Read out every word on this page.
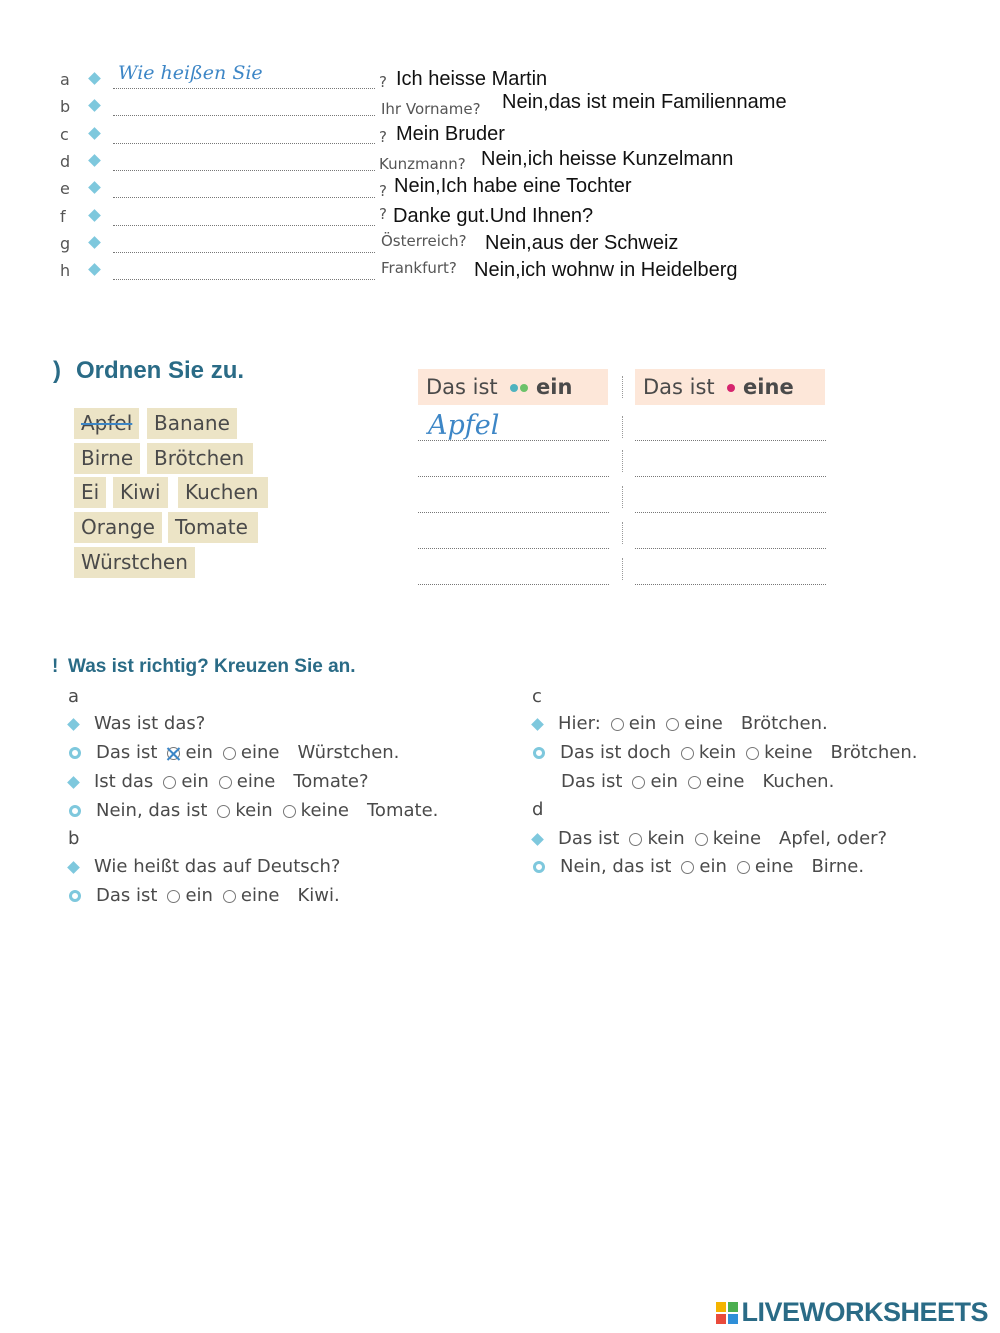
a	Wie heißen Sie	? Ich heisse Martin
b	Ihr Vorname? Nein,das ist mein Familienname
c	? Mein Bruder
d	Kunzmann? Nein,ich heisse Kunzelmann
e	? Nein,Ich habe eine Tochter
f	? Danke gut.Und Ihnen?
g	Österreich? Nein,aus der Schweiz
h	Frankfurt? Nein,ich wohnw in Heidelberg
) Ordnen Sie zu.
Apfel	Banane
Birne	Brötchen
Ei	Kiwi	Kuchen
Orange	Tomate
Würstchen
Das ist ein	Das ist eine
Apfel
! Was ist richtig? Kreuzen Sie an.
a
Was ist das?
Das ist ein eine Würstchen.
Ist das ein eine Tomate?
Nein, das ist kein keine Tomate.
b
Wie heißt das auf Deutsch?
Das ist ein eine Kiwi.
c
Hier: ein eine Brötchen.
Das ist doch kein keine Brötchen.
Das ist ein eine Kuchen.
d
Das ist kein keine Apfel, oder?
Nein, das ist ein eine Birne.
LIVEWORKSHEETS
